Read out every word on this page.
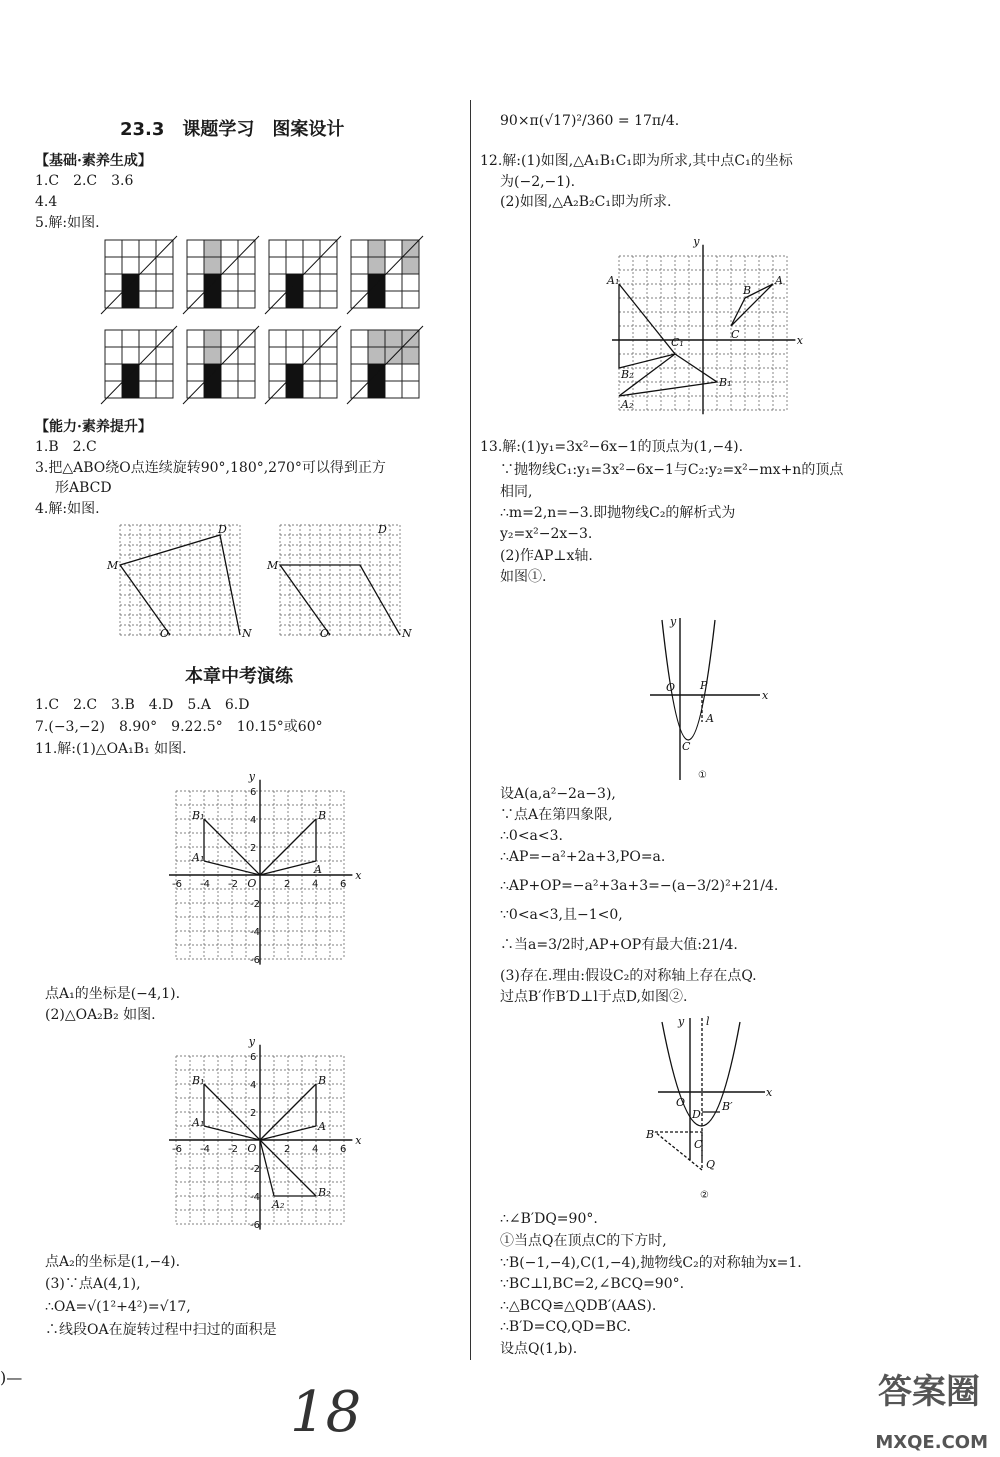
23.3　课题学习　图案设计
【基础·素养生成】
1.C　2.C　3.6
4.4
5.解:如图.
【能力·素养提升】
1.B　2.C
3.把△ABO绕O点连续旋转90°,180°,270°可以得到正方
形ABCD
4.解:如图.
M
D
O	N
M
D
O	N
本章中考演练
1.C　2.C　3.B　4.D　5.A　6.D
7.(−3,−2)　8.90°　9.22.5°　10.15°或60°
11.解:(1)△OA₁B₁ 如图.
x
y
O
-6
-6
-4
-4
-2
-2
2
2
4
4
6
6
B₁	B
A₁
A
点A₁的坐标是(−4,1).
(2)△OA₂B₂ 如图.
x
y
O
-6
-6
-4
-4
-2
-2
2
2
4
4
6
6
B₁	B
A₁	A
B₂
A₂
点A₂的坐标是(1,−4).
(3)∵点A(4,1),
∴OA=√(1²+4²)=√17,
∴线段OA在旋转过程中扫过的面积是
90×π(√17)²/360 = 17π/4.
12.解:(1)如图,△A₁B₁C₁即为所求,其中点C₁的坐标
为(−2,−1).
(2)如图,△A₂B₂C₁即为所求.
x
y
A
B
C
A₁
C₁
B₂
B₁
A₂
13.解:(1)y₁=3x²−6x−1的顶点为(1,−4).
∵抛物线C₁:y₁=3x²−6x−1与C₂:y₂=x²−mx+n的顶点
相同,
∴m=2,n=−3.即抛物线C₂的解析式为
y₂=x²−2x−3.
(2)作AP⊥x轴.
如图①.
x
y
O P
A
C
①
设A(a,a²−2a−3),
∵点A在第四象限,
∴0<a<3.
∴AP=−a²+2a+3,PO=a.
∴AP+OP=−a²+3a+3=−(a−3/2)²+21/4.
∵0<a<3,且−1<0,
∴当a=3/2时,AP+OP有最大值:21/4.
(3)存在.理由:假设C₂的对称轴上存在点Q.
过点B′作B′D⊥l于点D,如图②.
x
y l
O	B′
D
B
C
Q
②
∴∠B′DQ=90°.
①当点Q在顶点C的下方时,
∵B(−1,−4),C(1,−4),抛物线C₂的对称轴为x=1.
∵BC⊥l,BC=2,∠BCQ=90°.
∴△BCQ≌△QDB′(AAS).
∴B′D=CQ,QD=BC.
设点Q(1,b).
)—
18	答案圈
MXQE.COM
